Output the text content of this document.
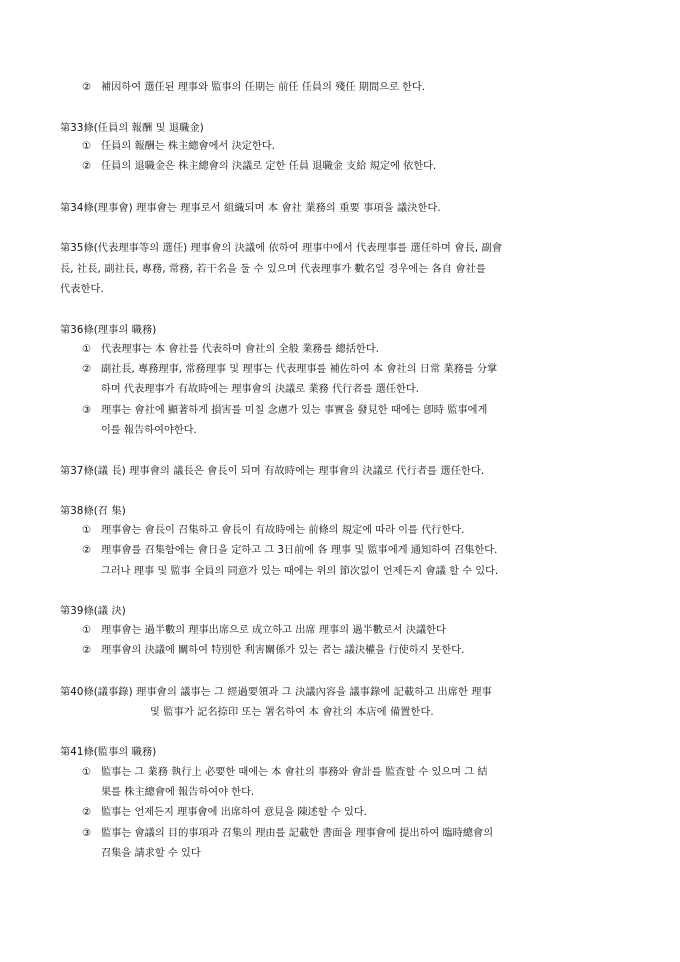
② 補因하여 選任된 理事와 監事의 任期는 前任 任員의 殘任 期間으로 한다.
第33條(任員의 報酬 및 退職金)
① 任員의 報酬는 株主總會에서 決定한다.
② 任員의 退職金은 株主總會의 決議로 定한 任員 退職金 支給 規定에 依한다.
第34條(理事會) 理事會는 理事로서 組織되며 本 會社 業務의 重要 事項을 議決한다.
第35條(代表理事等의 選任) 理事會의 決議에 依하여 理事中에서 代表理事를 選任하며 會長, 副會
長, 社長, 副社長, 專務, 常務, 若干名을 둘 수 있으며 代表理事가 數名일 경우에는 各自 會社를
代表한다.
第36條(理事의 職務)
① 代表理事는 本 會社를 代表하며 會社의 全般 業務를 總括한다.
② 副社長, 專務理事, 常務理事 및 理事는 代表理事를 補佐하여 本 會社의 日常 業務를 分掌
하며 代表理事가 有故時에는 理事會의 決議로 業務 代行者를 選任한다.
③ 理事는 會社에 顯著하게 損害를 미칠 念慮가 있는 事實을 發見한 때에는 卽時 監事에게
이를 報告하여야한다.
第37條(議 長) 理事會의 議長은 會長이 되며 有故時에는 理事會의 決議로 代行者를 選任한다.
第38條(召 集)
① 理事會는 會長이 召集하고 會長이 有故時에는 前條의 規定에 따라 이를 代行한다.
② 理事會를 召集함에는 會日을 定하고 그 3日前에 各 理事 및 監事에게 通知하여 召集한다.
그러나 理事 및 監事 全員의 同意가 있는 때에는 위의 節次없이 언제든지 會議 할 수 있다.
第39條(議 決)
① 理事會는 過半數의 理事出席으로 成立하고 出席 理事의 過半數로서 決議한다
② 理事會의 決議에 關하여 特別한 利害關係가 있는 者는 議決權을 行使하지 못한다.
第40條(議事錄) 理事會의 議事는 그 經過要領과 그 決議內容을 議事錄에 記載하고 出席한 理事
및 監事가 記名捺印 또는 署名하여 本 會社의 本店에 備置한다.
第41條(監事의 職務)
① 監事는 그 業務 執行上 必要한 때에는 本 會社의 事務와 會計를 監査할 수 있으며 그 結
果를 株主總會에 報告하여야 한다.
② 監事는 언제든지 理事會에 出席하여 意見을 陳述할 수 있다.
③ 監事는 會議의 目的事項과 召集의 理由를 記載한 書面을 理事會에 提出하여 臨時總會의
召集을 請求할 수 있다
